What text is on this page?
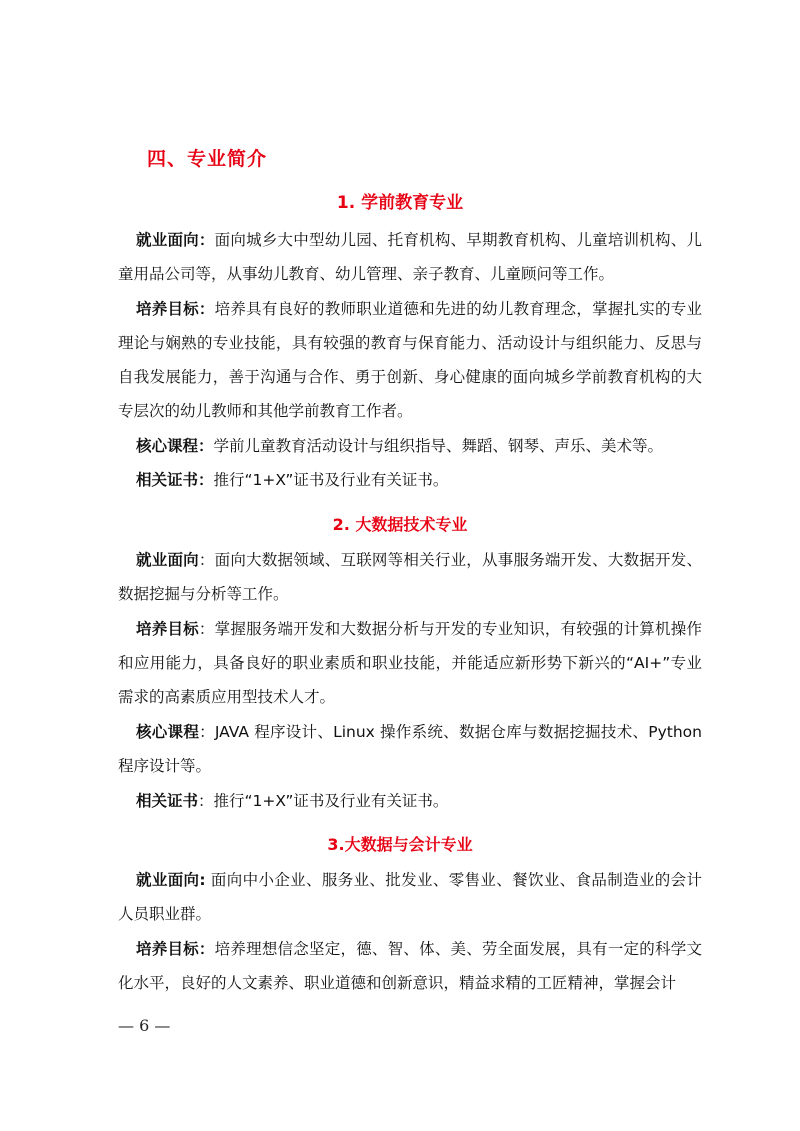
四、专业简介
1. 学前教育专业
就业面向：面向城乡大中型幼儿园、托育机构、早期教育机构、儿童培训机构、儿童用品公司等，从事幼儿教育、幼儿管理、亲子教育、儿童顾问等工作。
培养目标：培养具有良好的教师职业道德和先进的幼儿教育理念，掌握扎实的专业理论与娴熟的专业技能，具有较强的教育与保育能力、活动设计与组织能力、反思与自我发展能力，善于沟通与合作、勇于创新、身心健康的面向城乡学前教育机构的大专层次的幼儿教师和其他学前教育工作者。
核心课程：学前儿童教育活动设计与组织指导、舞蹈、钢琴、声乐、美术等。
相关证书：推行“1+X”证书及行业有关证书。
2. 大数据技术专业
就业面向：面向大数据领域、互联网等相关行业，从事服务端开发、大数据开发、数据挖掘与分析等工作。
培养目标：掌握服务端开发和大数据分析与开发的专业知识，有较强的计算机操作和应用能力，具备良好的职业素质和职业技能，并能适应新形势下新兴的“AI+”专业需求的高素质应用型技术人才。
核心课程：JAVA 程序设计、Linux 操作系统、数据仓库与数据挖掘技术、Python 程序设计等。
相关证书：推行“1+X”证书及行业有关证书。
3.大数据与会计专业
就业面向: 面向中小企业、服务业、批发业、零售业、餐饮业、食品制造业的会计人员职业群。
培养目标：培养理想信念坚定，德、智、体、美、劳全面发展，具有一定的科学文化水平，良好的人文素养、职业道德和创新意识，精益求精的工匠精神，掌握会计
— 6 —
